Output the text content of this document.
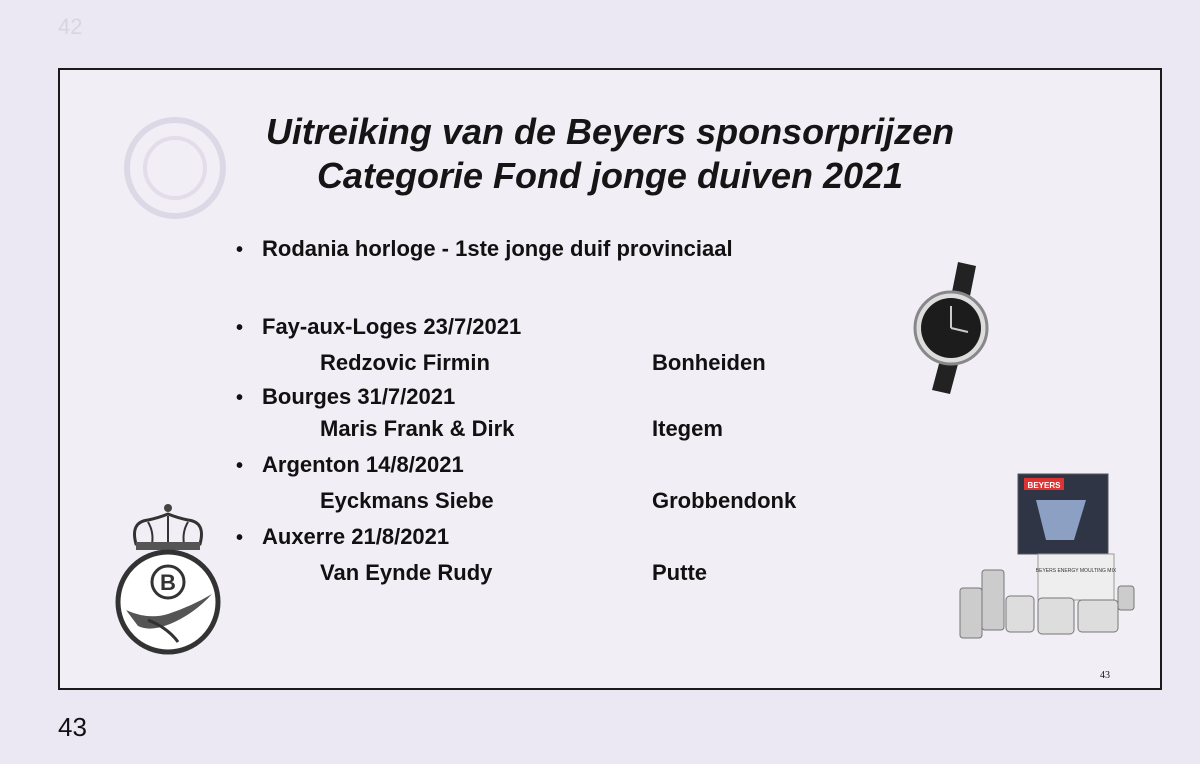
42

Uitreiking van de Beyers sponsorprijzen
Categorie Fond jonge duiven 2021
• Rodania horloge - 1ste jonge duif provinciaal
• Fay-aux-Loges 23/7/2021
Redzovic Firmin	Bonheiden
• Bourges 31/7/2021
Maris Frank & Dirk	Itegem
• Argenton 14/8/2021
Eyckmans Siebe	Grobbendonk
• Auxerre 21/8/2021
Van Eynde Rudy	Putte
B
BEYERS
BEYERS ENERGY MOULTING MIX
43
43
